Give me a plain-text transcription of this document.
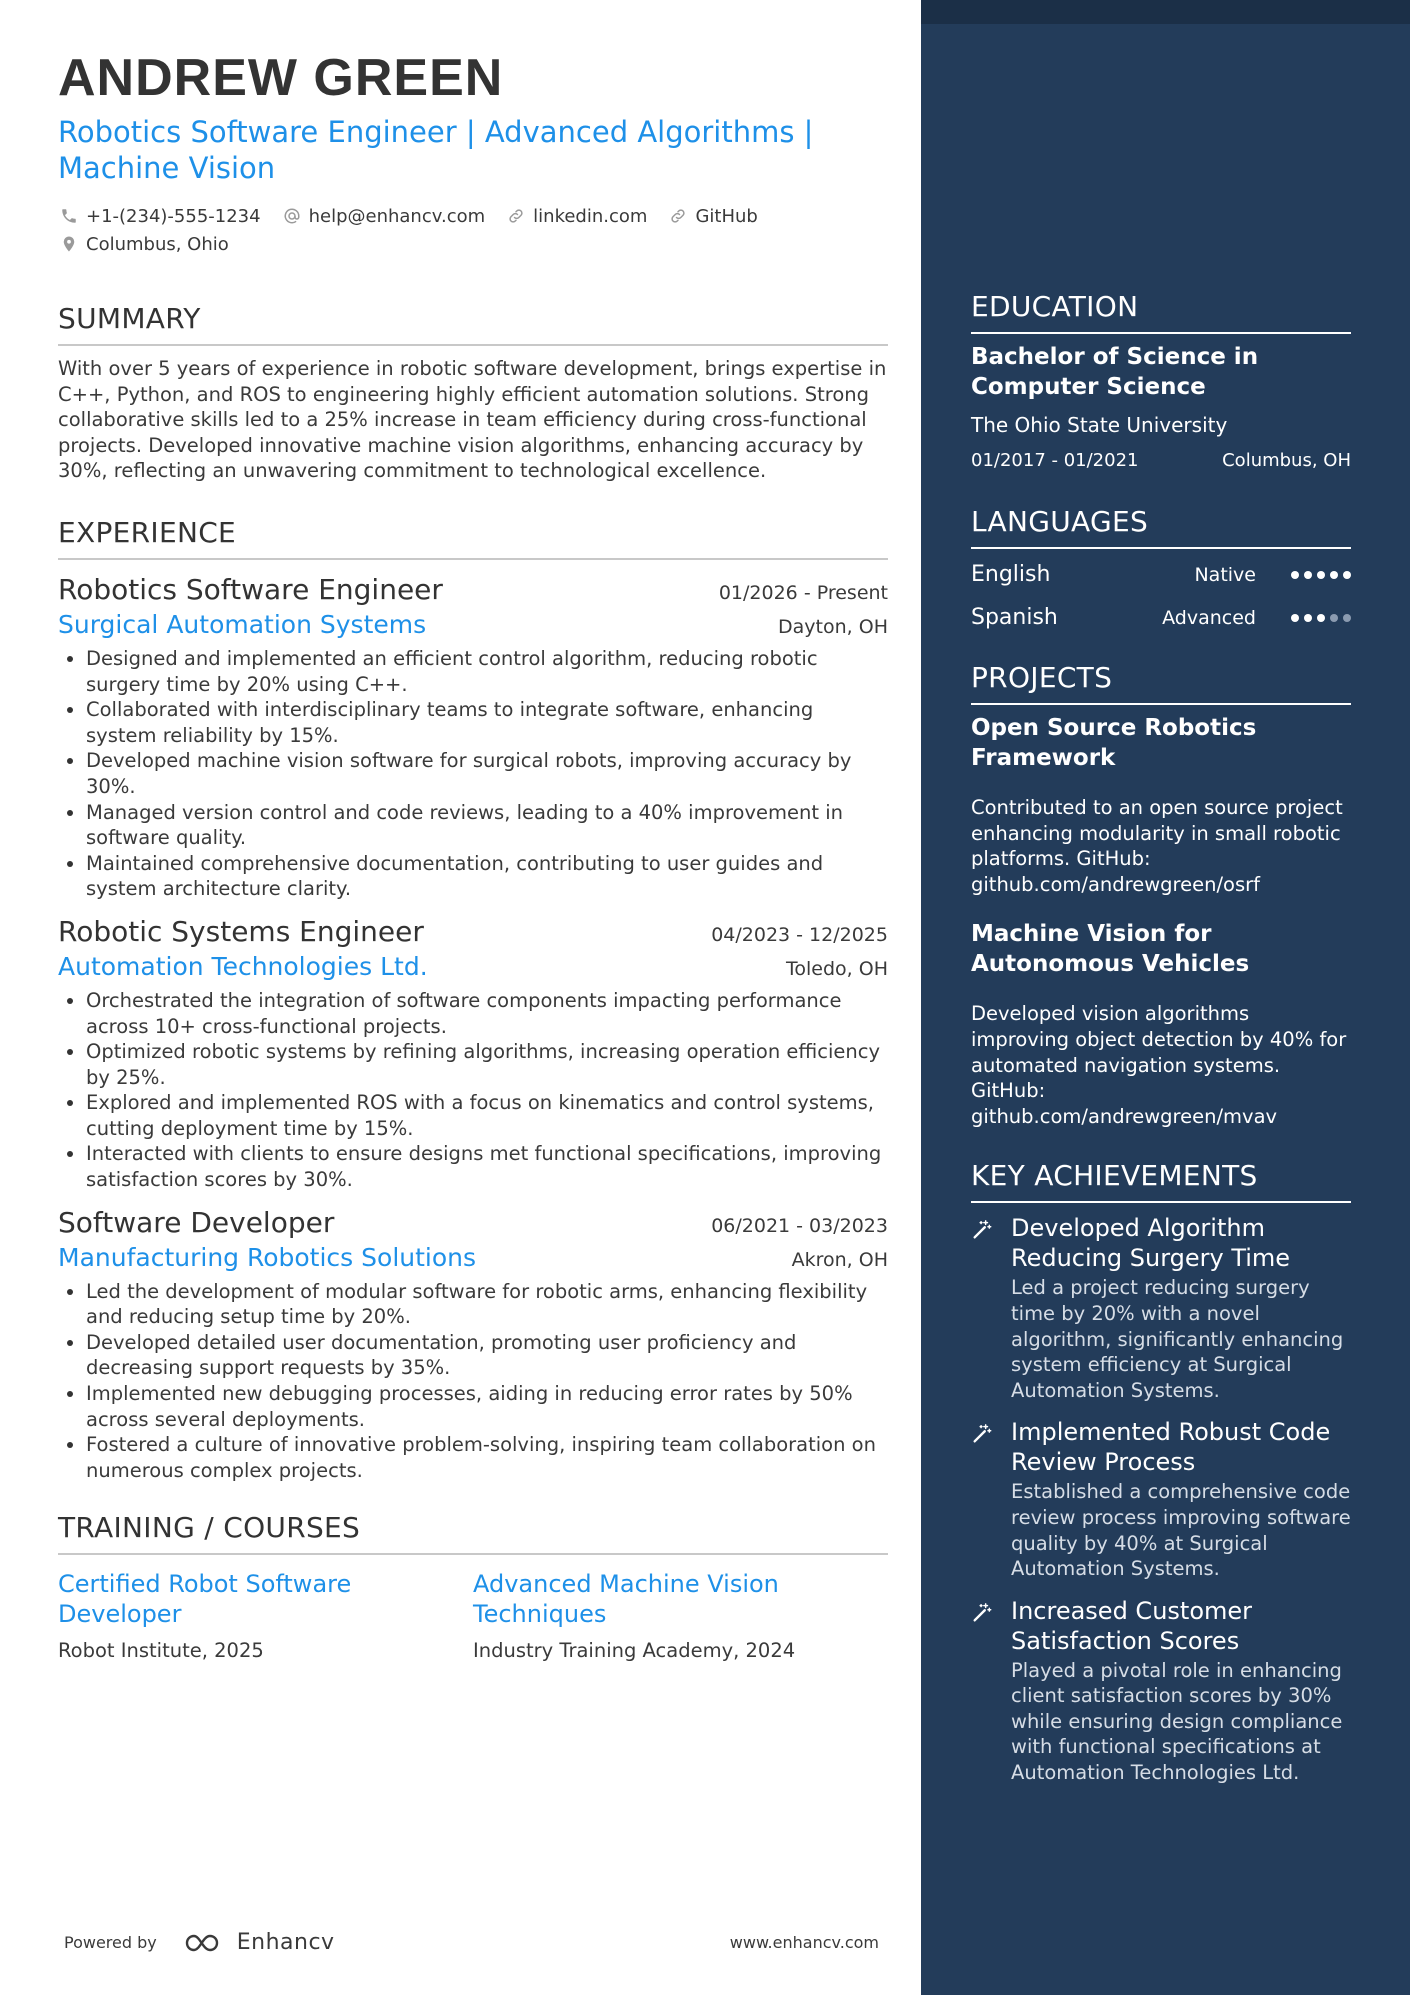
ANDREW GREEN
Robotics Software Engineer | Advanced Algorithms | Machine Vision
+1-(234)-555-1234	help@enhancv.com	linkedin.com	GitHub
Columbus, Ohio
SUMMARY

With over 5 years of experience in robotic software development, brings expertise in C++, Python, and ROS to engineering highly efficient automation solutions. Strong collaborative skills led to a 25% increase in team efficiency during cross-functional projects. Developed innovative machine vision algorithms, enhancing accuracy by 30%, reflecting an unwavering commitment to technological excellence.

EXPERIENCE
Robotics Software Engineer	01/2026 - Present
Surgical Automation Systems	Dayton, OH
• Designed and implemented an efficient control algorithm, reducing robotic surgery time by 20% using C++.
• Collaborated with interdisciplinary teams to integrate software, enhancing system reliability by 15%.
• Developed machine vision software for surgical robots, improving accuracy by 30%.
• Managed version control and code reviews, leading to a 40% improvement in software quality.
• Maintained comprehensive documentation, contributing to user guides and system architecture clarity.
Robotic Systems Engineer	04/2023 - 12/2025
Automation Technologies Ltd.	Toledo, OH
• Orchestrated the integration of software components impacting performance across 10+ cross-functional projects.
• Optimized robotic systems by refining algorithms, increasing operation efficiency by 25%.
• Explored and implemented ROS with a focus on kinematics and control systems, cutting deployment time by 15%.
• Interacted with clients to ensure designs met functional specifications, improving satisfaction scores by 30%.
Software Developer	06/2021 - 03/2023
Manufacturing Robotics Solutions	Akron, OH
• Led the development of modular software for robotic arms, enhancing flexibility and reducing setup time by 20%.
• Developed detailed user documentation, promoting user proficiency and decreasing support requests by 35%.
• Implemented new debugging processes, aiding in reducing error rates by 50% across several deployments.
• Fostered a culture of innovative problem-solving, inspiring team collaboration on numerous complex projects.
TRAINING / COURSES
Certified Robot Software Developer
Robot Institute, 2025
Advanced Machine Vision Techniques
Industry Training Academy, 2024
Powered by	Enhancv	www.enhancv.com
EDUCATION
Bachelor of Science in Computer Science
The Ohio State University
01/2017 - 01/2021	Columbus, OH
LANGUAGES
English	Native
Spanish	Advanced
PROJECTS
Open Source Robotics Framework
Contributed to an open source project enhancing modularity in small robotic platforms. GitHub: github.com/andrewgreen/osrf
Machine Vision for Autonomous Vehicles
Developed vision algorithms improving object detection by 40% for automated navigation systems. GitHub: github.com/andrewgreen/mvav
KEY ACHIEVEMENTS
Developed Algorithm Reducing Surgery Time
Led a project reducing surgery time by 20% with a novel algorithm, significantly enhancing system efficiency at Surgical Automation Systems.
Implemented Robust Code Review Process
Established a comprehensive code review process improving software quality by 40% at Surgical Automation Systems.
Increased Customer Satisfaction Scores
Played a pivotal role in enhancing client satisfaction scores by 30% while ensuring design compliance with functional specifications at Automation Technologies Ltd.
